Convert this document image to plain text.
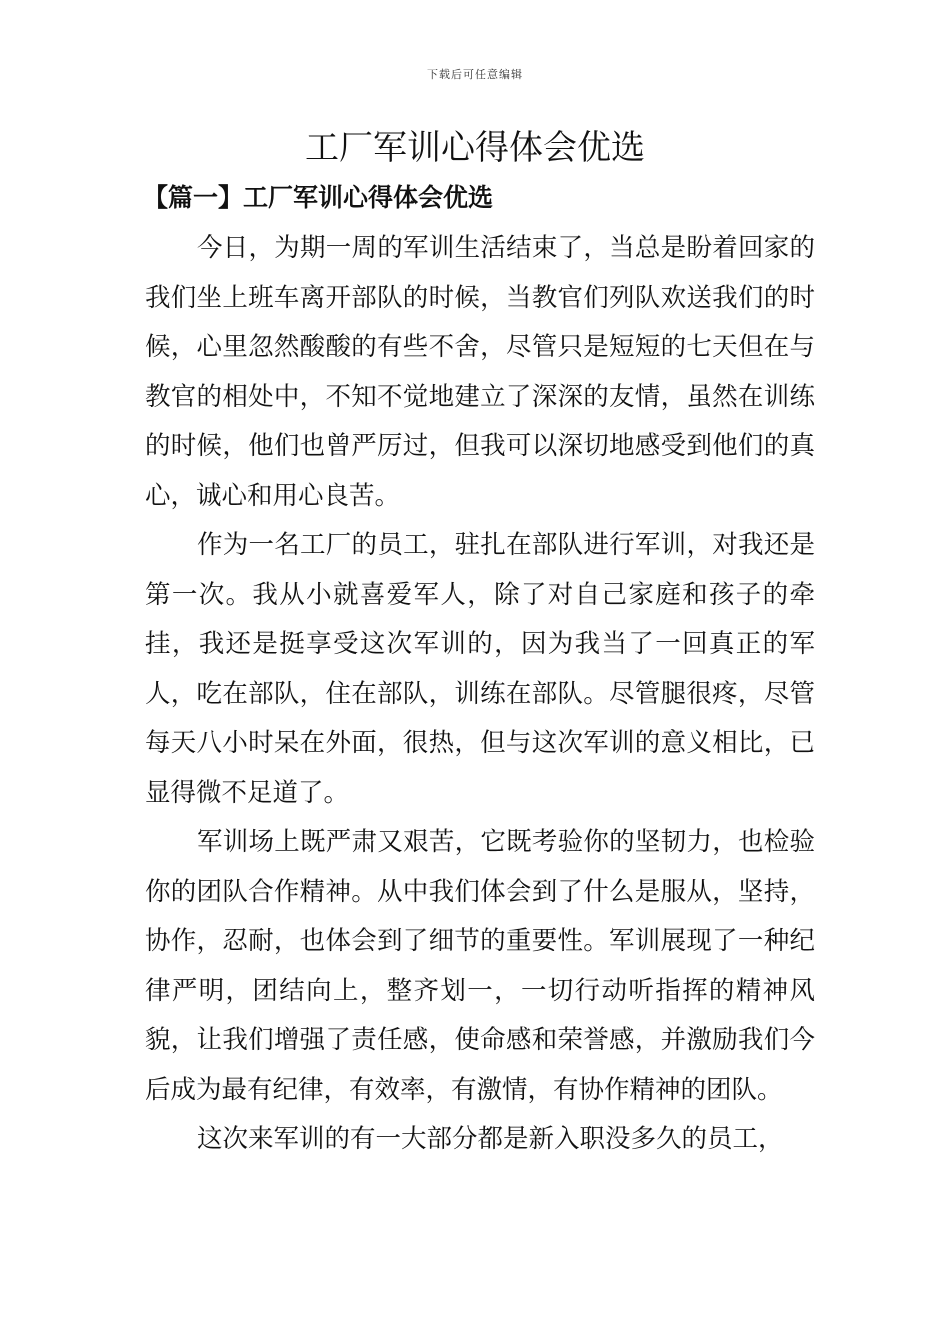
下载后可任意编辑
工厂军训心得体会优选
【篇一】工厂军训心得体会优选

今日，为期一周的军训生活结束了，当总是盼着回家的我们坐上班车离开部队的时候，当教官们列队欢送我们的时候，心里忽然酸酸的有些不舍，尽管只是短短的七天但在与教官的相处中，不知不觉地建立了深深的友情，虽然在训练的时候，他们也曾严厉过，但我可以深切地感受到他们的真心，诚心和用心良苦。

作为一名工厂的员工，驻扎在部队进行军训，对我还是第一次。我从小就喜爱军人，除了对自己家庭和孩子的牵挂，我还是挺享受这次军训的，因为我当了一回真正的军人，吃在部队，住在部队，训练在部队。尽管腿很疼，尽管每天八小时呆在外面，很热，但与这次军训的意义相比，已显得微不足道了。

军训场上既严肃又艰苦，它既考验你的坚韧力，也检验你的团队合作精神。从中我们体会到了什么是服从，坚持，协作，忍耐，也体会到了细节的重要性。军训展现了一种纪律严明，团结向上，整齐划一，一切行动听指挥的精神风貌，让我们增强了责任感，使命感和荣誉感，并激励我们今后成为最有纪律，有效率，有激情，有协作精神的团队。

这次来军训的有一大部分都是新入职没多久的员工，
